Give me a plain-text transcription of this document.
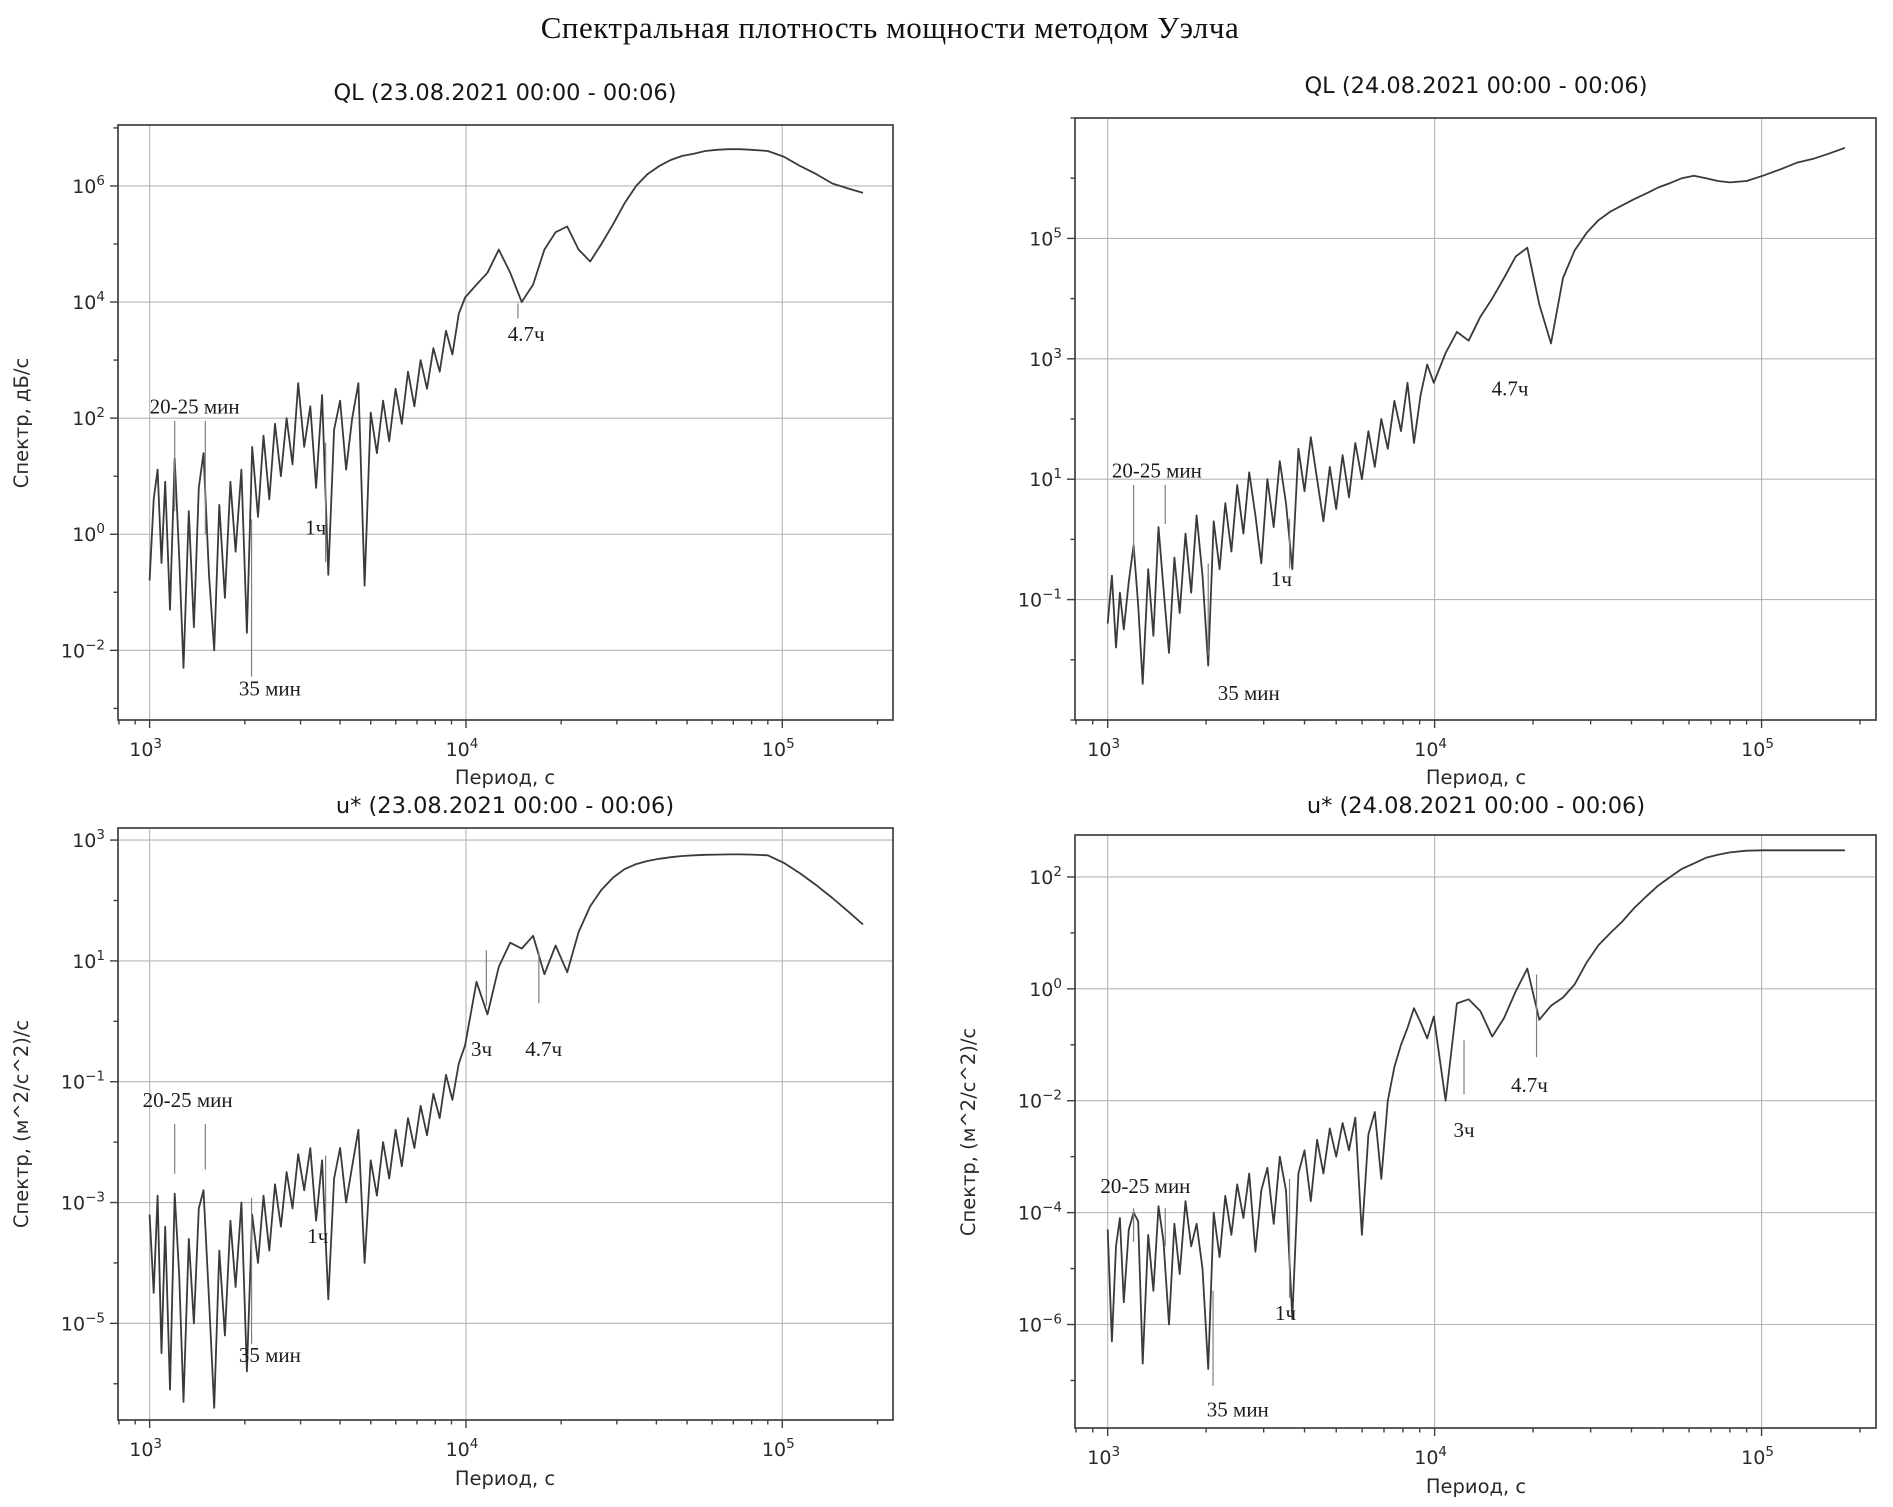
Спектральная плотность мощности методом Уэлча
$10^3$	$10^4$	$10^5$
$10^6$
$10^4$
$10^2$
$10^0$
$10^{-2}$
QL (23.08.2021 00:00 - 00:06)
Период, с
Спектр, дБ/с	20-25 мин
35 мин
1ч
4.7ч
$10^3$	$10^4$	$10^5$
$10^5$
$10^3$
$10^1$
$10^{-1}$
QL (24.08.2021 00:00 - 00:06)
Период, с
20-25 мин
35 мин
1ч
4.7ч
$10^3$	$10^4$	$10^5$
$10^3$
$10^1$
$10^{-1}$
$10^{-3}$
$10^{-5}$
u* (23.08.2021 00:00 - 00:06)
Период, с
Спектр, (м^2/с^2)/с	20-25 мин
35 мин
1ч
3ч 4.7ч
$10^3$	$10^4$	$10^5$
$10^2$
$10^0$
$10^{-2}$
$10^{-4}$
$10^{-6}$
u* (24.08.2021 00:00 - 00:06)
Период, с
Спектр, (м^2/с^2)/с	20-25 мин
35 мин
1ч
3ч
4.7ч
